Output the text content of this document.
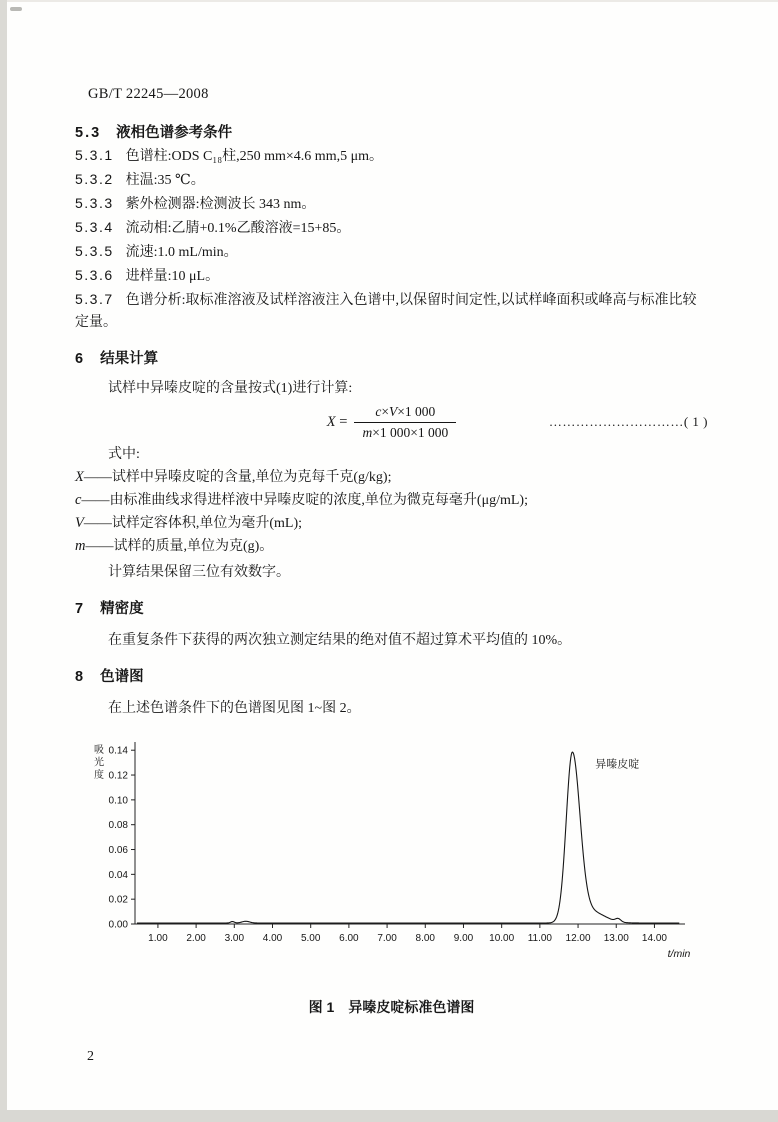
GB/T 22245—2008
5.3 液相色谱参考条件

5.3.1 色谱柱:ODS C₁₈柱,250 mm×4.6 mm,5 μm。

5.3.2 柱温:35 ℃。

5.3.3 紫外检测器:检测波长 343 nm。

5.3.4 流动相:乙腈+0.1%乙酸溶液=15+85。

5.3.5 流速:1.0 mL/min。

5.3.6 进样量:10 μL。

5.3.7 色谱分析:取标准溶液及试样溶液注入色谱中,以保留时间定性,以试样峰面积或峰高与标准比较定量。

6 结果计算

试样中异嗪皮啶的含量按式(1)进行计算:

$X = \frac{c\times V\times 1 000}{m\times 1 000\times 1 000}$	…………………………( 1 )

式中:

X——试样中异嗪皮啶的含量,单位为克每千克(g/kg);

c——由标准曲线求得进样液中异嗪皮啶的浓度,单位为微克每毫升(μg/mL);

V——试样定容体积,单位为毫升(mL);

m——试样的质量,单位为克(g)。

计算结果保留三位有效数字。

7 精密度

在重复条件下获得的两次独立测定结果的绝对值不超过算术平均值的 10%。

8 色谱图

在上述色谱条件下的色谱图见图 1~图 2。

0.00
0.02
0.04
0.06
0.08
0.10
0.12
0.14
1.00 2.00 3.00 4.00 5.00 6.00 7.00 8.00 9.00 10.00 11.00 12.00 13.00 14.00
t/min
吸
光
度
异嗪皮啶

图 1　异嗪皮啶标准色谱图

2
